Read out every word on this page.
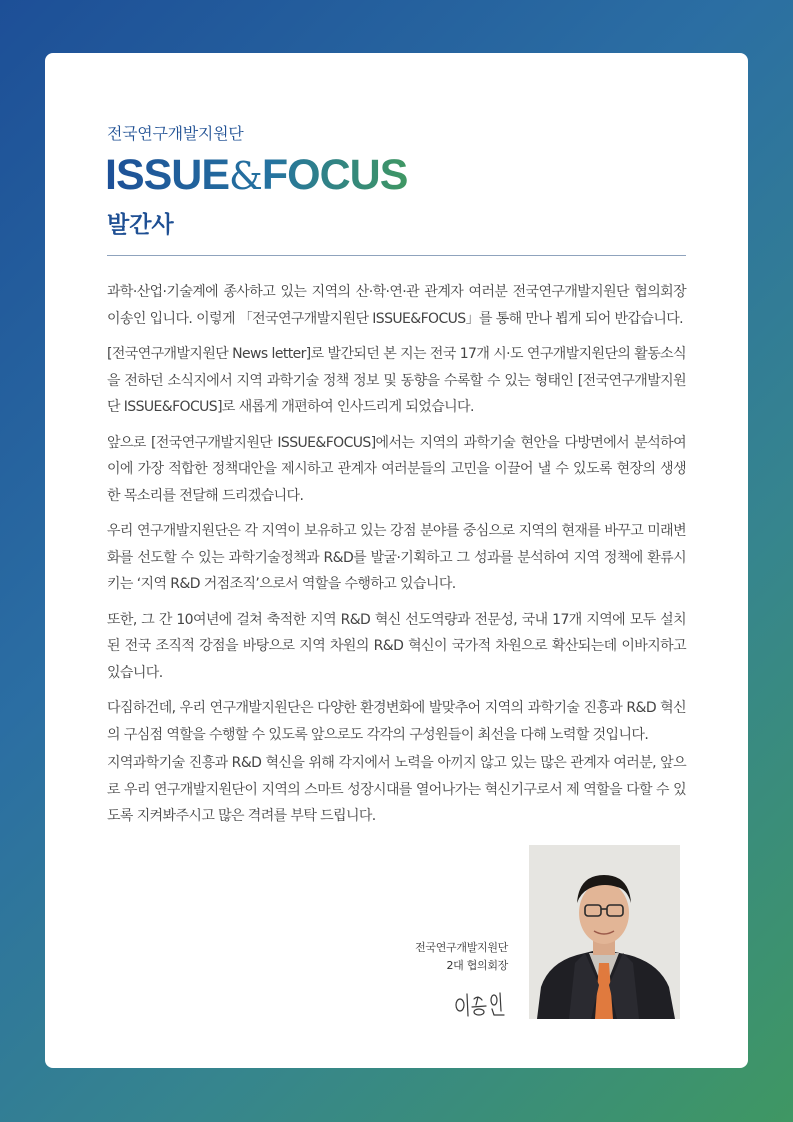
전국연구개발지원단
ISSUE&FOCUS
발간사

과학·산업·기술계에 종사하고 있는 지역의 산·학·연·관 관계자 여러분 전국연구개발지원단 협의회장 이송인 입니다. 이렇게 「전국연구개발지원단 ISSUE&FOCUS」를 통해 만나 뵙게 되어 반갑습니다.

[전국연구개발지원단 News letter]로 발간되던 본 지는 전국 17개 시·도 연구개발지원단의 활동소식을 전하던 소식지에서 지역 과학기술 정책 정보 및 동향을 수록할 수 있는 형태인 [전국연구개발지원단 ISSUE&FOCUS]로 새롭게 개편하여 인사드리게 되었습니다.

앞으로 [전국연구개발지원단 ISSUE&FOCUS]에서는 지역의 과학기술 현안을 다방면에서 분석하여 이에 가장 적합한 정책대안을 제시하고 관계자 여러분들의 고민을 이끌어 낼 수 있도록 현장의 생생한 목소리를 전달해 드리겠습니다.

우리 연구개발지원단은 각 지역이 보유하고 있는 강점 분야를 중심으로 지역의 현재를 바꾸고 미래변화를 선도할 수 있는 과학기술정책과 R&D를 발굴·기획하고 그 성과를 분석하여 지역 정책에 환류시키는 ‘지역 R&D 거점조직’으로서 역할을 수행하고 있습니다.

또한, 그 간 10여년에 걸쳐 축적한 지역 R&D 혁신 선도역량과 전문성, 국내 17개 지역에 모두 설치된 전국 조직적 강점을 바탕으로 지역 차원의 R&D 혁신이 국가적 차원으로 확산되는데 이바지하고 있습니다.

다짐하건데, 우리 연구개발지원단은 다양한 환경변화에 발맞추어 지역의 과학기술 진흥과 R&D 혁신의 구심점 역할을 수행할 수 있도록 앞으로도 각각의 구성원들이 최선을 다해 노력할 것입니다.

지역과학기술 진흥과 R&D 혁신을 위해 각지에서 노력을 아끼지 않고 있는 많은 관계자 여러분, 앞으로 우리 연구개발지원단이 지역의 스마트 성장시대를 열어나가는 혁신기구로서 제 역할을 다할 수 있도록 지켜봐주시고 많은 격려를 부탁 드립니다.

전국연구개발지원단
2대 협의회장
